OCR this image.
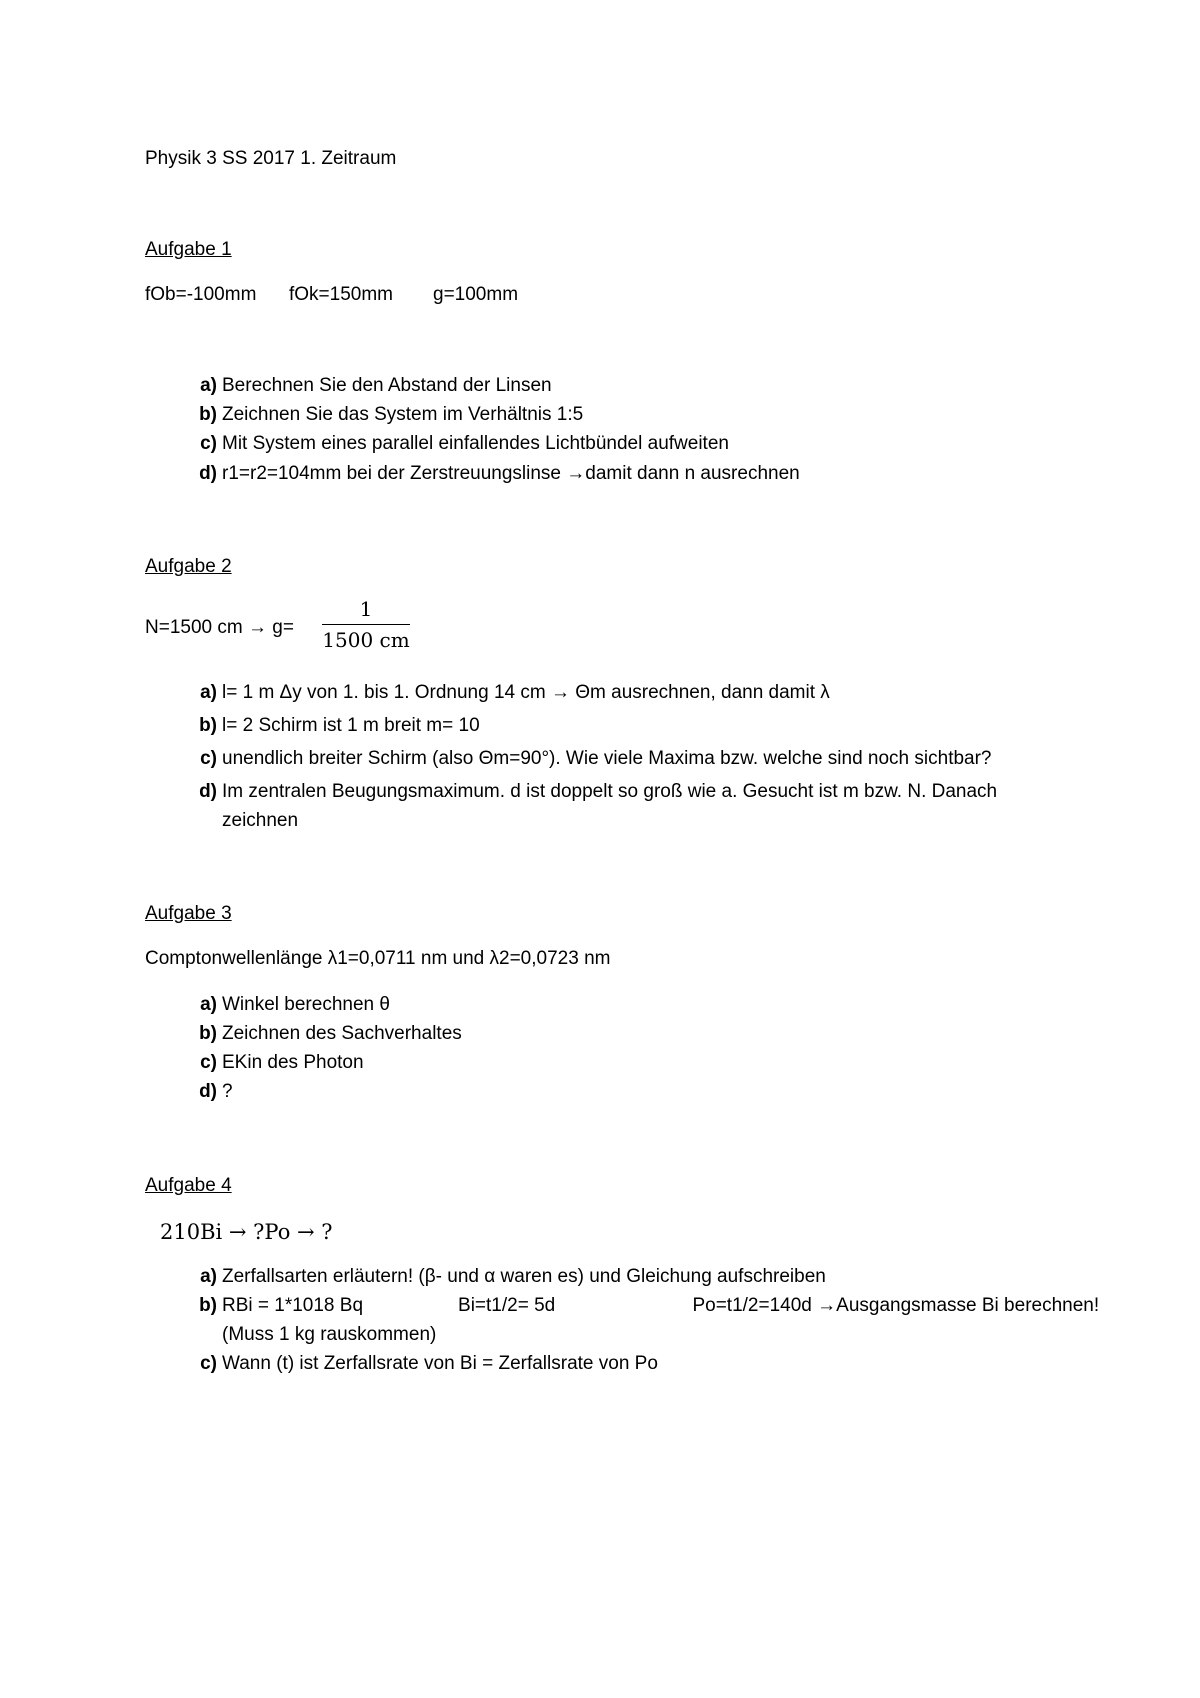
Physik 3 SS 2017 1. Zeitraum
Aufgabe 1
fOb=-100mm fOk=150mm g=100mm
a) Berechnen Sie den Abstand der Linsen
b) Zeichnen Sie das System im Verhältnis 1:5
c) Mit System eines parallel einfallendes Lichtbündel aufweiten
d) r1=r2=104mm bei der Zerstreuungslinse →damit dann n ausrechnen
Aufgabe 2
N=1500 cm → g=
1
1500 cm
a) l= 1 m Δy von 1. bis 1. Ordnung 14 cm → Θm ausrechnen, dann damit λ
b) l= 2 Schirm ist 1 m breit m= 10
c) unendlich breiter Schirm (also Θm=90°). Wie viele Maxima bzw. welche sind noch sichtbar?
d) Im zentralen Beugungsmaximum. d ist doppelt so groß wie a. Gesucht ist m bzw. N. Danach
zeichnen
Aufgabe 3
Comptonwellenlänge λ1=0,0711 nm und λ2=0,0723 nm
a) Winkel berechnen θ
b) Zeichnen des Sachverhaltes
c) EKin des Photon
d) ?
Aufgabe 4
210Bi → ?Po → ?
a) Zerfallsarten erläutern! (β- und α waren es) und Gleichung aufschreiben
b) RBi = 1*1018 Bq                  Bi=t1/2= 5d                          Po=t1/2=140d →Ausgangsmasse Bi berechnen!
(Muss 1 kg rauskommen)
c) Wann (t) ist Zerfallsrate von Bi = Zerfallsrate von Po
